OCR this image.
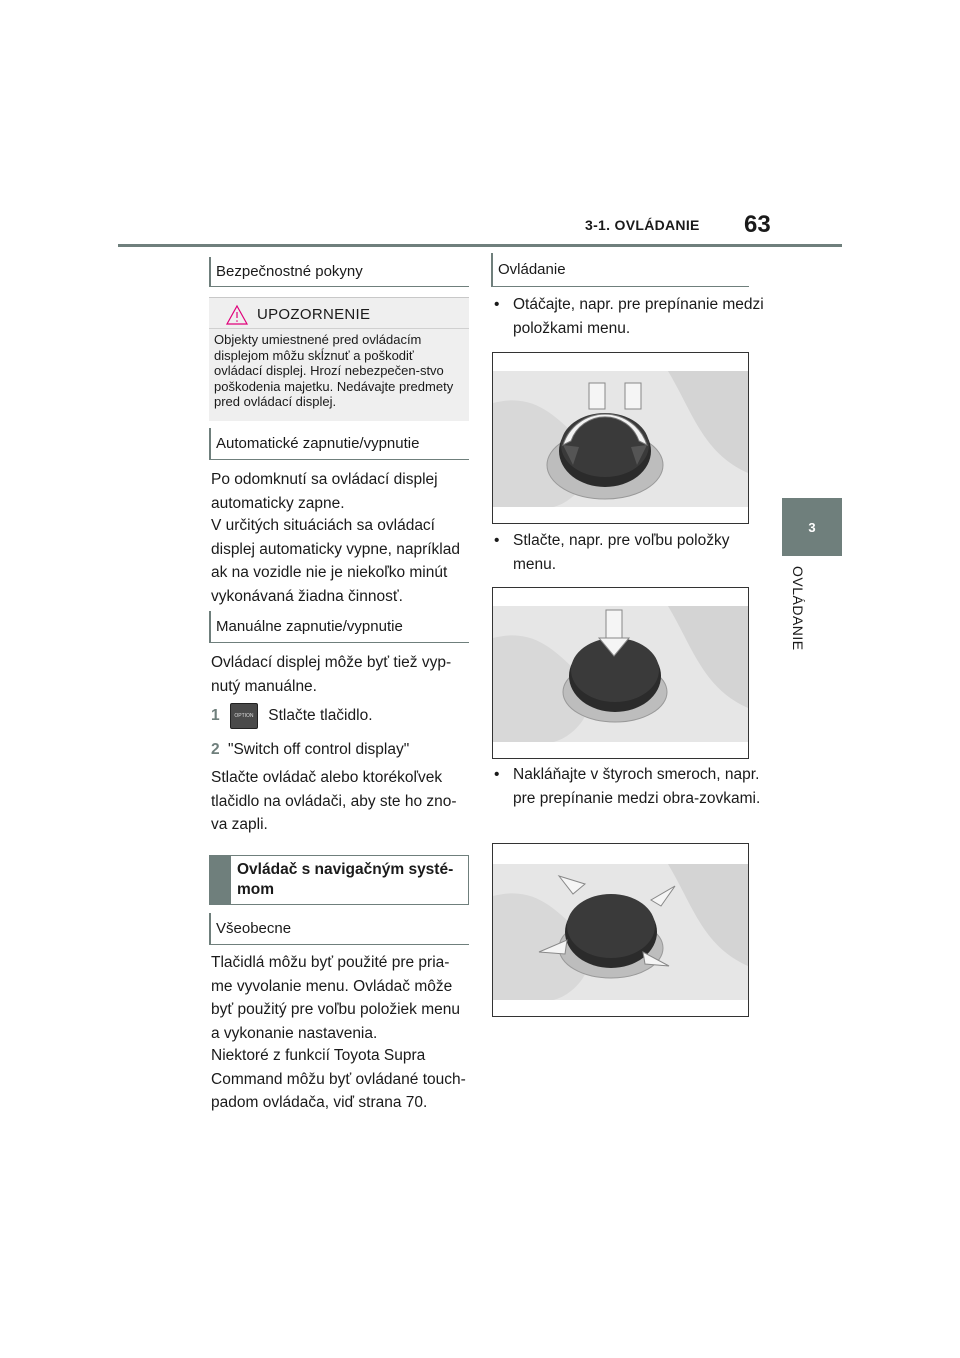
3-1. OVLÁDANIE 63
3
OVLÁDANIE
Bezpečnostné pokyny
UPOZORNENIE
Objekty umiestnené pred ovládacím displejom môžu skĺznuť a poškodiť ovládací displej. Hrozí nebezpečen-stvo poškodenia majetku. Nedávajte predmety pred ovládací displej.
Automatické zapnutie/vypnutie
Po odomknutí sa ovládací displej automaticky zapne.
V určitých situáciách sa ovládací displej automaticky vypne, napríklad ak na vozidle nie je niekoľko minút vykonávaná žiadna činnosť.
Manuálne zapnutie/vypnutie
Ovládací displej môže byť tiež vyp-nutý manuálne.
1	OPTION Stlačte tlačidlo.
2 "Switch off control display"
Stlačte ovládač alebo ktorékoľvek tlačidlo na ovládači, aby ste ho zno-va zapli.
Ovládač s navigačným systé-mom
Všeobecne
Tlačidlá môžu byť použité pre pria-me vyvolanie menu. Ovládač môže byť použitý pre voľbu položiek menu a vykonanie nastavenia.
Niektoré z funkcií Toyota Supra Command môžu byť ovládané touch-padom ovládača, viď strana 70.
Ovládanie
• Otáčajte, napr. pre prepínanie medzi položkami menu.
• Stlačte, napr. pre voľbu položky menu.
• Nakláňajte v štyroch smeroch, napr. pre prepínanie medzi obra-zovkami.
